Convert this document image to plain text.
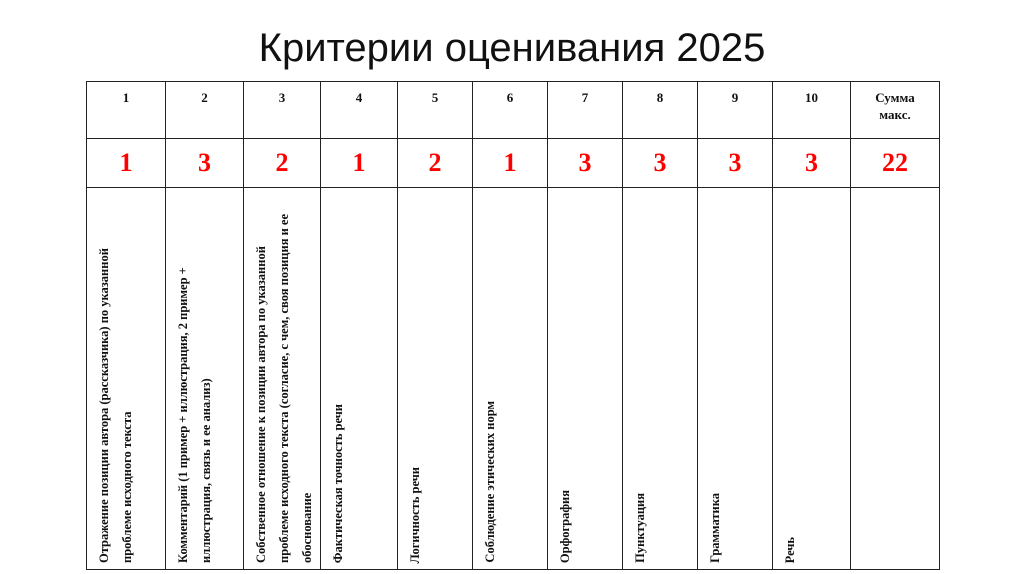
Критерии оценивания 2025
1	2	3	4	5	6	7	8	9	10	Сумма макс.

1	3	2	1	2	1	3	3	3	3	22

Отражение позиции автора (рассказчика) по указанной проблеме исходного текста	Комментарий (1 пример + иллюстрация, 2 пример + иллюстрация, связь и ее анализ)	Собственное отношение к позиции автора по указанной проблеме исходного текста (согласие, с чем, своя позиция и ее обоснование	Фактическая точность речи	Логичность речи	Соблюдение этических норм	Орфография	Пунктуация	Грамматика	Речь	
